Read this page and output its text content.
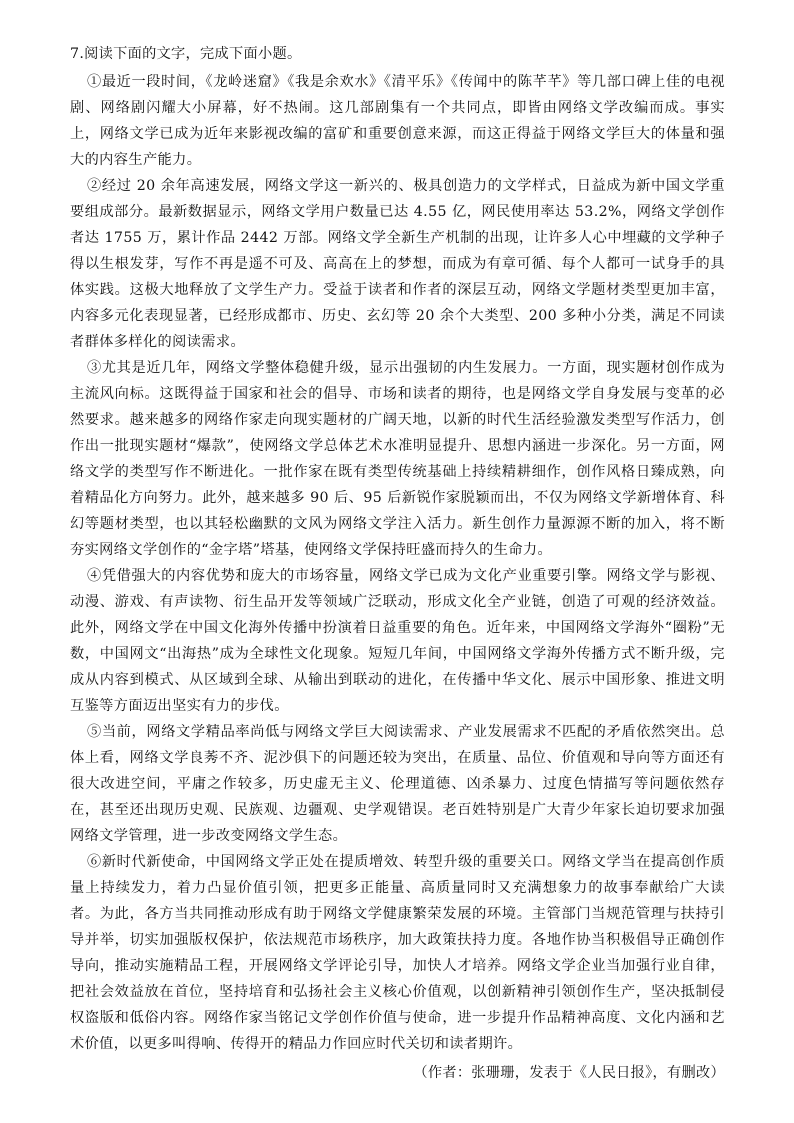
7.阅读下面的文字，完成下面小题。

①最近一段时间，《龙岭迷窟》《我是余欢水》《清平乐》《传闻中的陈芊芊》等几部口碑上佳的电视剧、网络剧闪耀大小屏幕，好不热闹。这几部剧集有一个共同点，即皆由网络文学改编而成。事实上，网络文学已成为近年来影视改编的富矿和重要创意来源，而这正得益于网络文学巨大的体量和强大的内容生产能力。

②经过 20 余年高速发展，网络文学这一新兴的、极具创造力的文学样式，日益成为新中国文学重要组成部分。最新数据显示，网络文学用户数量已达 4.55 亿，网民使用率达 53.2%，网络文学创作者达 1755 万，累计作品 2442 万部。网络文学全新生产机制的出现，让许多人心中埋藏的文学种子得以生根发芽，写作不再是遥不可及、高高在上的梦想，而成为有章可循、每个人都可一试身手的具体实践。这极大地释放了文学生产力。受益于读者和作者的深层互动，网络文学题材类型更加丰富，内容多元化表现显著，已经形成都市、历史、玄幻等 20 余个大类型、200 多种小分类，满足不同读者群体多样化的阅读需求。

③尤其是近几年，网络文学整体稳健升级，显示出强韧的内生发展力。一方面，现实题材创作成为主流风向标。这既得益于国家和社会的倡导、市场和读者的期待，也是网络文学自身发展与变革的必然要求。越来越多的网络作家走向现实题材的广阔天地，以新的时代生活经验激发类型写作活力，创作出一批现实题材“爆款”，使网络文学总体艺术水准明显提升、思想内涵进一步深化。另一方面，网络文学的类型写作不断进化。一批作家在既有类型传统基础上持续精耕细作，创作风格日臻成熟，向着精品化方向努力。此外，越来越多 90 后、95 后新锐作家脱颖而出，不仅为网络文学新增体育、科幻等题材类型，也以其轻松幽默的文风为网络文学注入活力。新生创作力量源源不断的加入，将不断夯实网络文学创作的“金字塔”塔基，使网络文学保持旺盛而持久的生命力。

④凭借强大的内容优势和庞大的市场容量，网络文学已成为文化产业重要引擎。网络文学与影视、动漫、游戏、有声读物、衍生品开发等领域广泛联动，形成文化全产业链，创造了可观的经济效益。此外，网络文学在中国文化海外传播中扮演着日益重要的角色。近年来，中国网络文学海外“圈粉”无数，中国网文“出海热”成为全球性文化现象。短短几年间，中国网络文学海外传播方式不断升级，完成从内容到模式、从区域到全球、从输出到联动的进化，在传播中华文化、展示中国形象、推进文明互鉴等方面迈出坚实有力的步伐。

⑤当前，网络文学精品率尚低与网络文学巨大阅读需求、产业发展需求不匹配的矛盾依然突出。总体上看，网络文学良莠不齐、泥沙俱下的问题还较为突出，在质量、品位、价值观和导向等方面还有很大改进空间，平庸之作较多，历史虚无主义、伦理道德、凶杀暴力、过度色情描写等问题依然存在，甚至还出现历史观、民族观、边疆观、史学观错误。老百姓特别是广大青少年家长迫切要求加强网络文学管理，进一步改变网络文学生态。

⑥新时代新使命，中国网络文学正处在提质增效、转型升级的重要关口。网络文学当在提高创作质量上持续发力，着力凸显价值引领，把更多正能量、高质量同时又充满想象力的故事奉献给广大读者。为此，各方当共同推动形成有助于网络文学健康繁荣发展的环境。主管部门当规范管理与扶持引导并举，切实加强版权保护，依法规范市场秩序，加大政策扶持力度。各地作协当积极倡导正确创作导向，推动实施精品工程，开展网络文学评论引导，加快人才培养。网络文学企业当加强行业自律，把社会效益放在首位，坚持培育和弘扬社会主义核心价值观，以创新精神引领创作生产，坚决抵制侵权盗版和低俗内容。网络作家当铭记文学创作价值与使命，进一步提升作品精神高度、文化内涵和艺术价值，以更多叫得响、传得开的精品力作回应时代关切和读者期许。

（作者：张珊珊，发表于《人民日报》，有删改）
